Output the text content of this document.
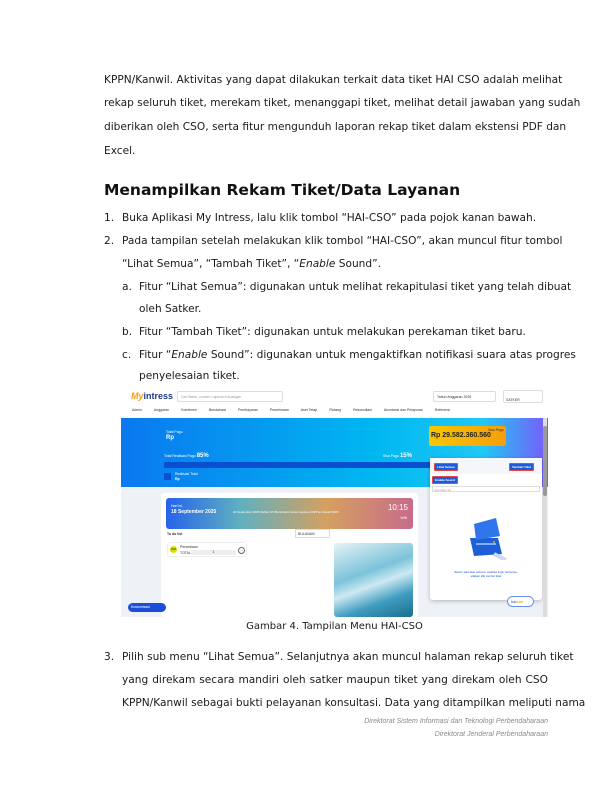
KPPN/Kanwil. Aktivitas yang dapat dilakukan terkait data tiket HAI CSO adalah melihat
rekap seluruh tiket, merekam tiket, menanggapi tiket, melihat detail jawaban yang sudah
diberikan oleh CSO, serta fitur mengunduh laporan rekap tiket dalam ekstensi PDF dan
Excel.
Menampilkan Rekam Tiket/Data Layanan
1. Buka Aplikasi My Intress, lalu klik tombol “HAI-CSO” pada pojok kanan bawah.
2. Pada tampilan setelah melakukan klik tombol “HAI-CSO”, akan muncul fitur tombol
“Lihat Semua”, “Tambah Tiket”, “Enable Sound”.
a. Fitur “Lihat Semua”: digunakan untuk melihat rekapitulasi tiket yang telah dibuat
oleh Satker.
b. Fitur “Tambah Tiket”: digunakan untuk melakukan perekaman tiket baru.
c. Fitur “Enable Sound”: digunakan untuk mengaktifkan notifikasi suara atas progres
penyelesaian tiket.
Myintress	Cari Menu, contoh: Laporan Keuangan	Tahun Anggaran 2025
SATKER
Admin	Anggaran	Komitmen	Bendahara	Pembayaran	Penerimaan	Aset Tetap	Piutang	Rekonsiliasi	Akuntansi dan Pelaporan	Referensi
Total Pagu
Rp
Sisa Pagu
Rp 29.582.360.560
Total Realisasi Pagu 85%	Sisa Pagu 15%
Realisasi Total
Rp
Hari ini,
18 September 2025	22 September 2025 Daftar LPJ Bendahara bulan Agustus 2025 ke Kanwil DJPb	10:15
WIB
To do list	BULANAN
PER
Persediaan
TOTAL	1	→
Kustomisasi
Lihat Semua	Tambah Tiket
Enable Sound
Cari tiket-mu
Belum ada tiket terbaru. Apabila ingin bertanya, silakan klik tombol tiket
haicso
Gambar 4. Tampilan Menu HAI-CSO
3. Pilih sub menu “Lihat Semua”. Selanjutnya akan muncul halaman rekap seluruh tiket
yang direkam secara mandiri oleh satker maupun tiket yang direkam oleh CSO
KPPN/Kanwil sebagai bukti pelayanan konsultasi. Data yang ditampilkan meliputi nama
Direktorat Sistem Informasi dan Teknologi Perbendaharaan
Direktorat Jenderal Perbendaharaan
